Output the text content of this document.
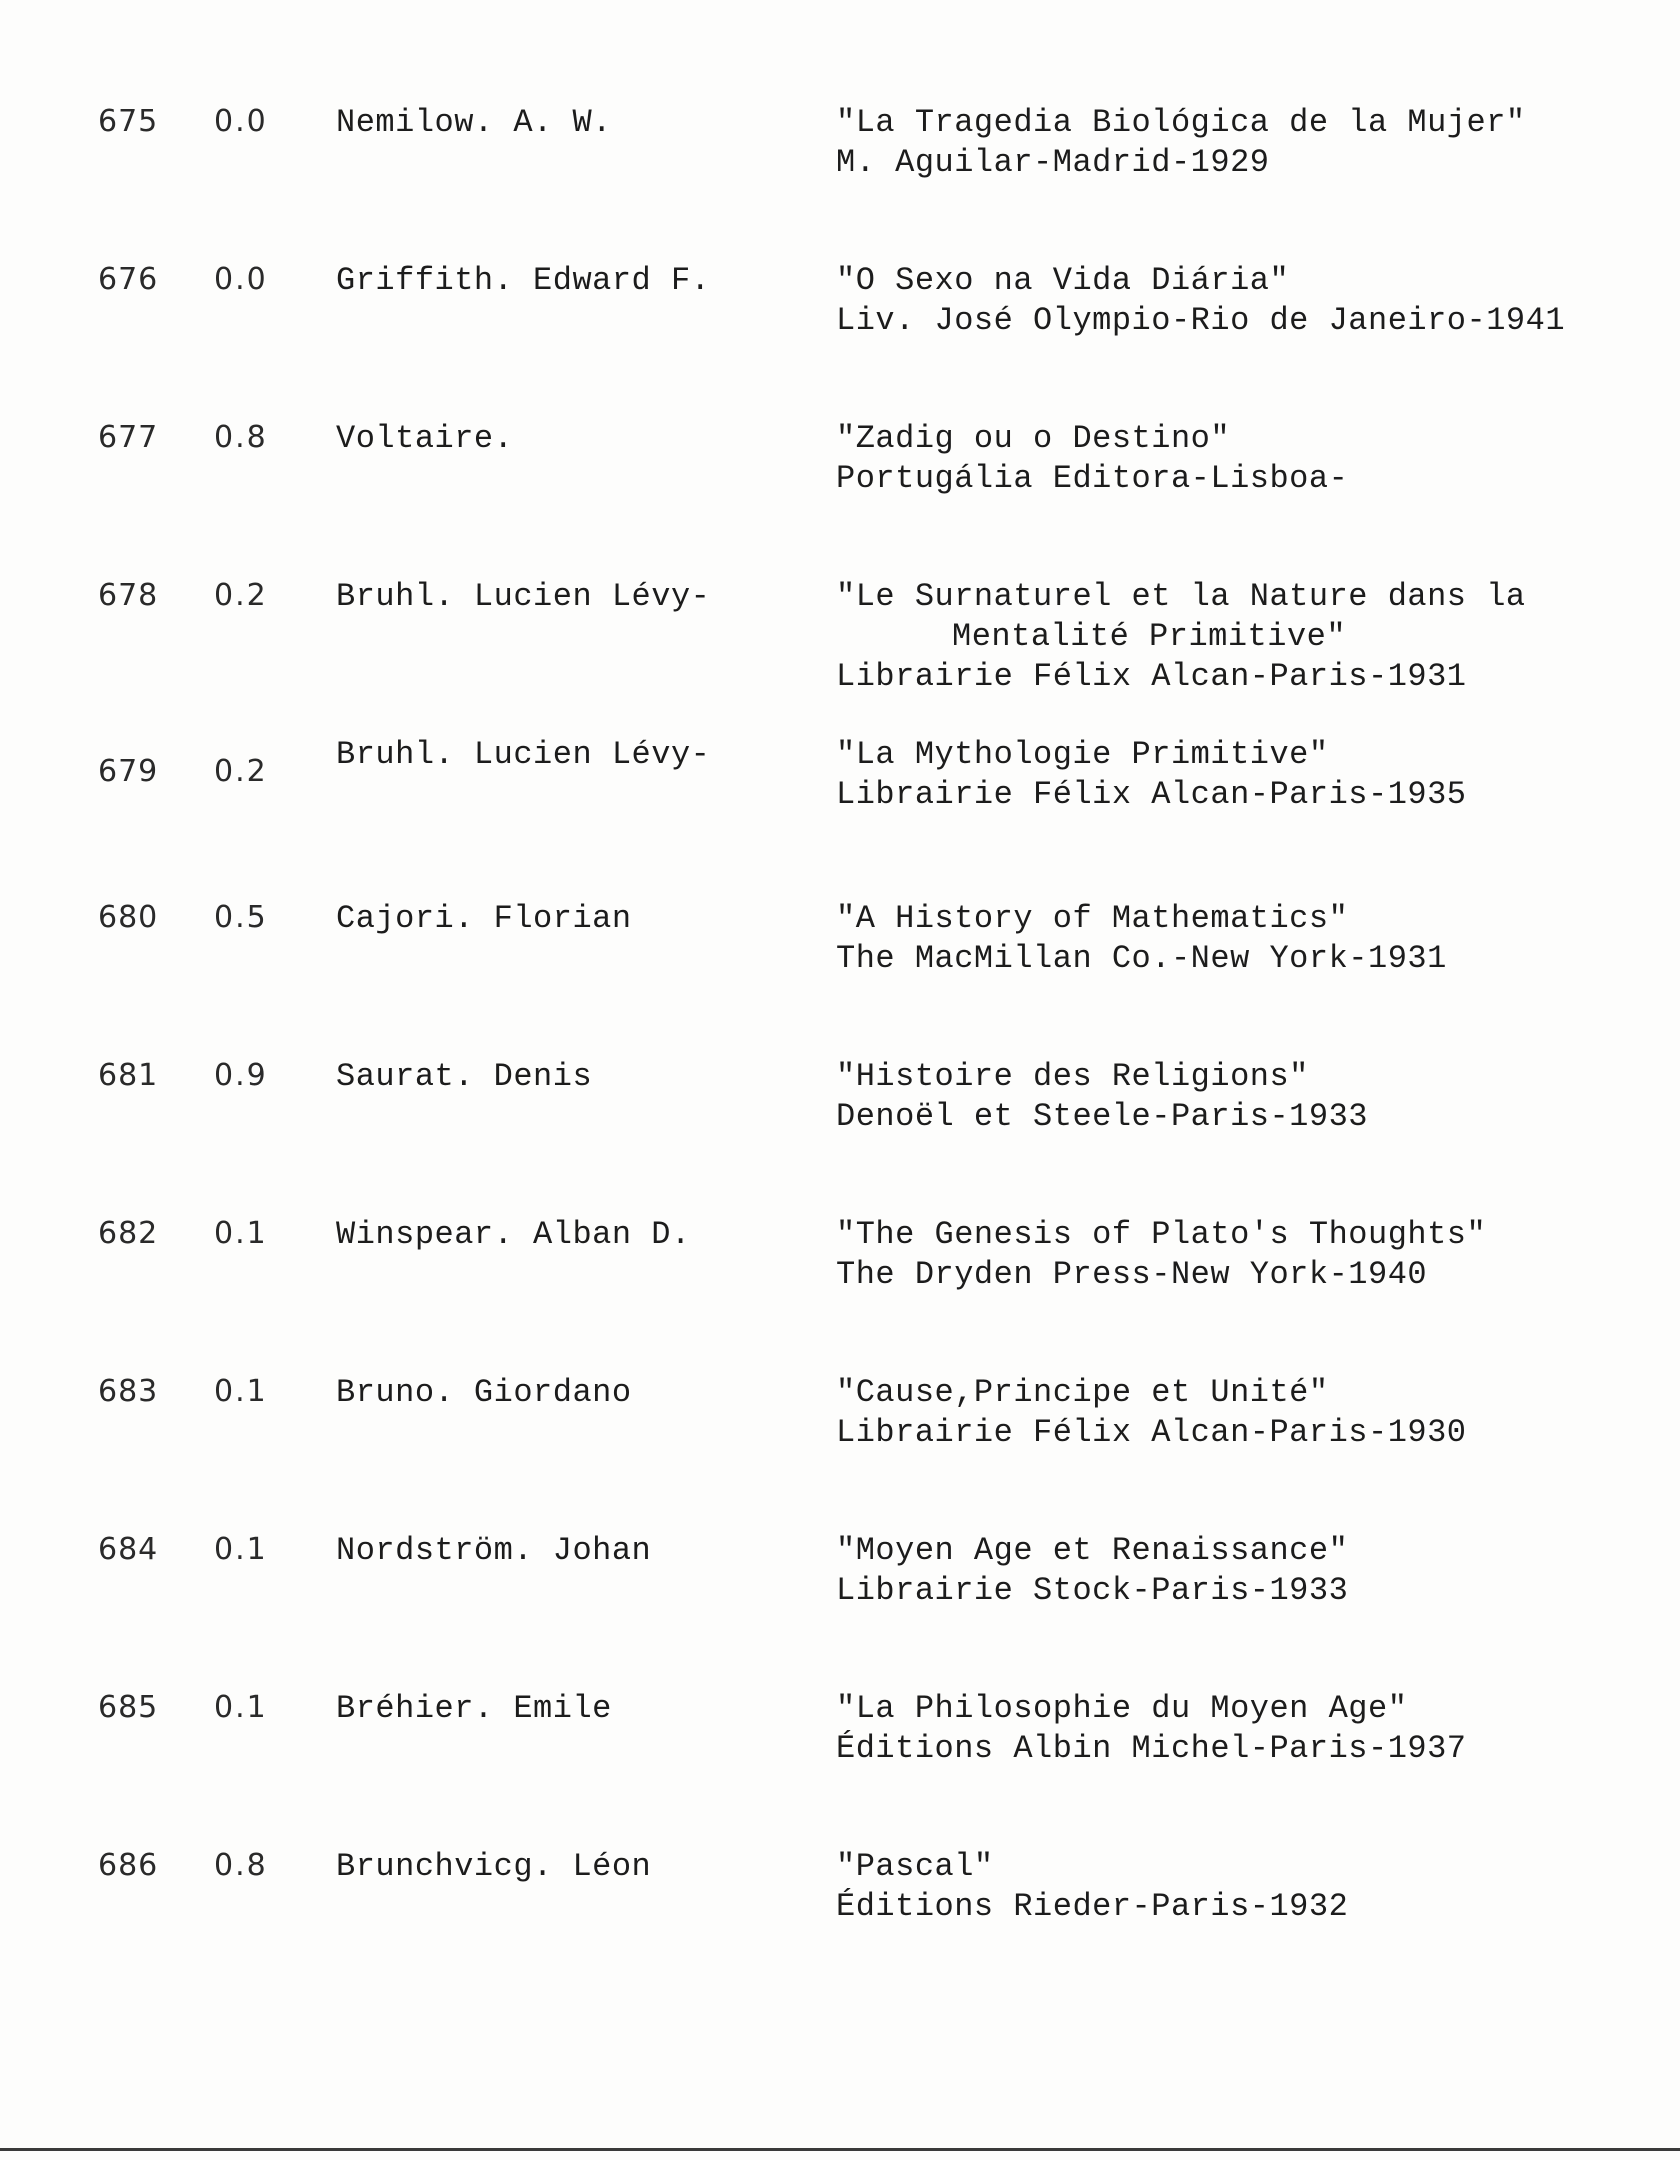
675 0.0 Nemilow. A. W.	"La Tragedia Biológica de la Mujer"
M. Aguilar-Madrid-1929
676 0.0 Griffith. Edward F.	"O Sexo na Vida Diária"
Liv. José Olympio-Rio de Janeiro-1941
677 0.8 Voltaire.	"Zadig ou o Destino"
Portugália Editora-Lisboa-
678 0.2 Bruhl. Lucien Lévy-	"Le Surnaturel et la Nature dans la
Mentalité Primitive"
Librairie Félix Alcan-Paris-1931
679 0.2 Bruhl. Lucien Lévy-	"La Mythologie Primitive"
Librairie Félix Alcan-Paris-1935
680 0.5 Cajori. Florian	"A History of Mathematics"
The MacMillan Co.-New York-1931
681 0.9 Saurat. Denis	"Histoire des Religions"
Denoël et Steele-Paris-1933
682 0.1 Winspear. Alban D.	"The Genesis of Plato's Thoughts"
The Dryden Press-New York-1940
683 0.1 Bruno. Giordano	"Cause,Principe et Unité"
Librairie Félix Alcan-Paris-1930
684 0.1 Nordström. Johan	"Moyen Age et Renaissance"
Librairie Stock-Paris-1933
685 0.1 Bréhier. Emile	"La Philosophie du Moyen Age"
Éditions Albin Michel-Paris-1937
686 0.8 Brunchvicg. Léon	"Pascal"
Éditions Rieder-Paris-1932
